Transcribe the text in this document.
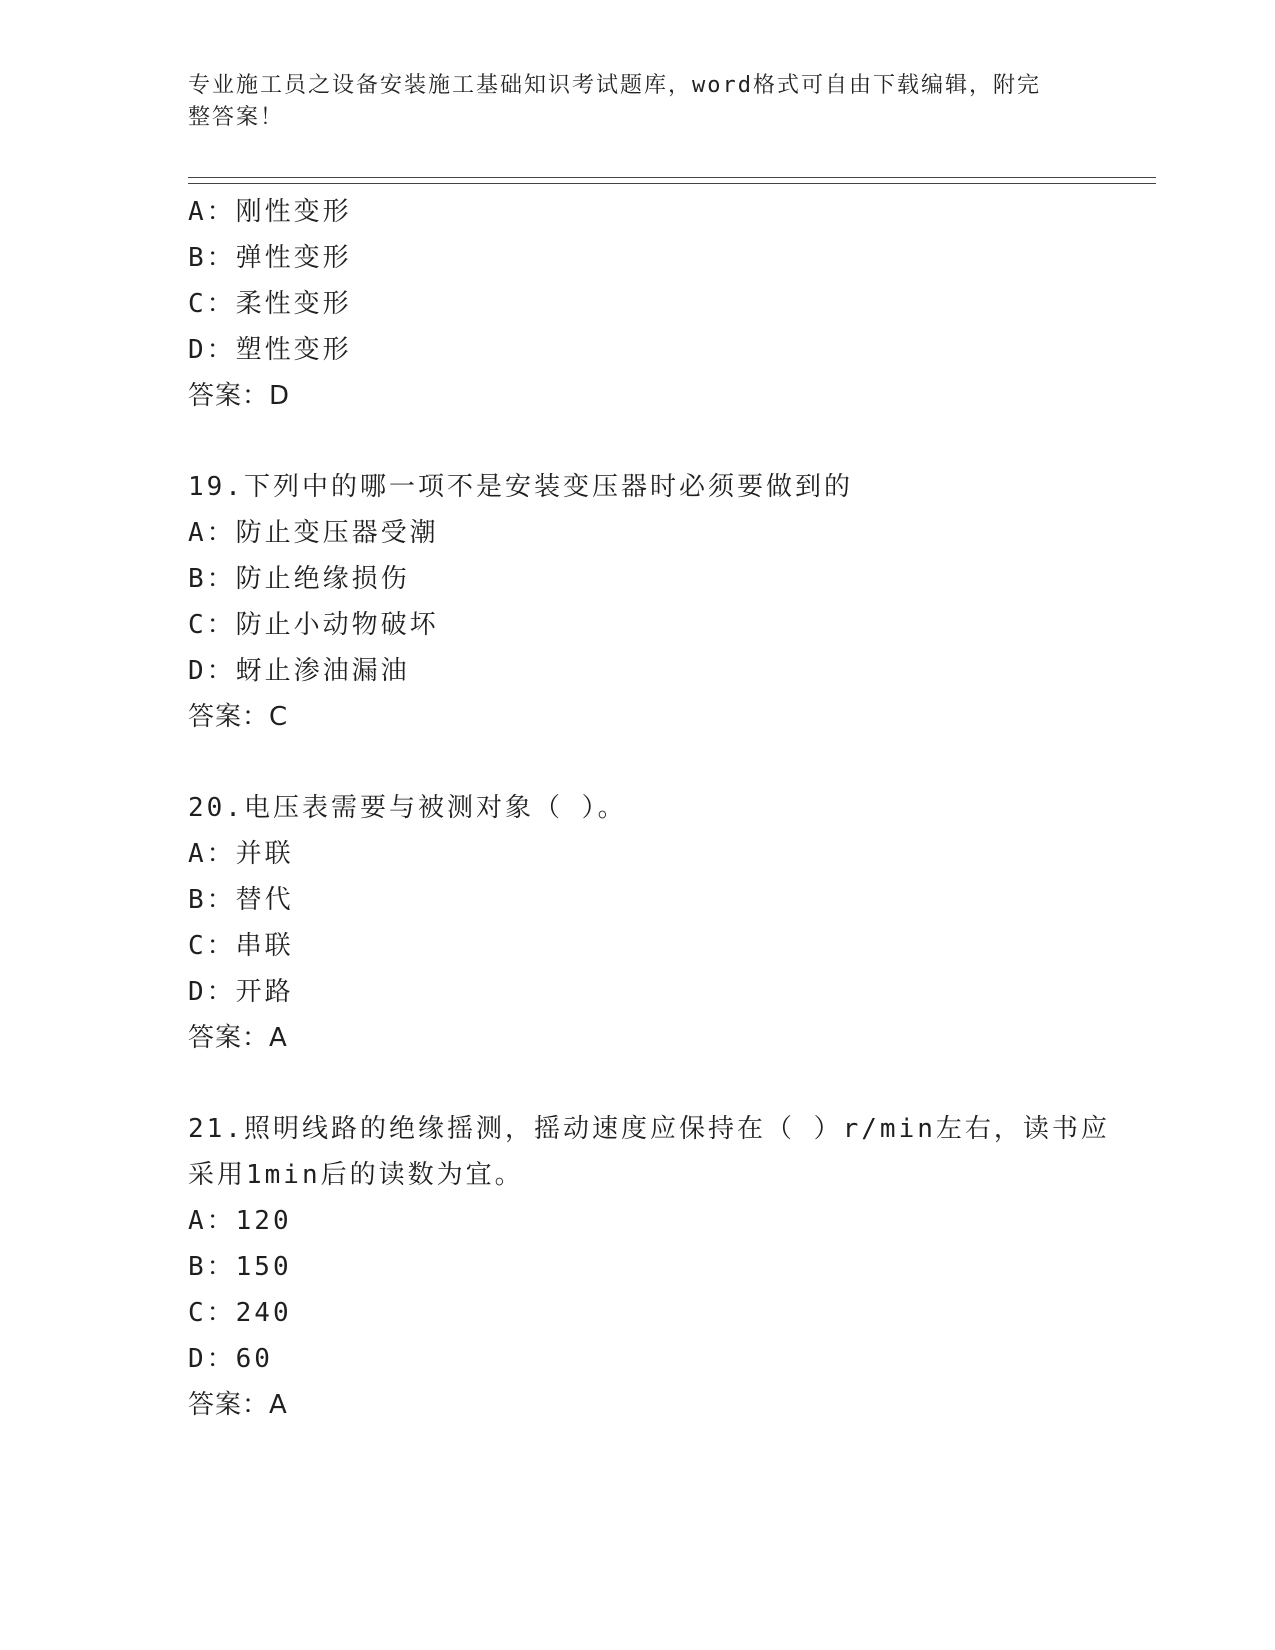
专业施工员之设备安装施工基础知识考试题库，word格式可自由下载编辑，附完
整答案！
A：刚性变形
B：弹性变形
C：柔性变形
D：塑性变形
答案：D
19.下列中的哪一项不是安装变压器时必须要做到的
A：防止变压器受潮
B：防止绝缘损伤
C：防止小动物破坏
D：蚜止渗油漏油
答案：C
20.电压表需要与被测对象（ ）。
A：并联
B：替代
C：串联
D：开路
答案：A
21.照明线路的绝缘摇测，摇动速度应保持在（ ）r/min左右，读书应
采用1min后的读数为宜。
A：120
B：150
C：240
D：60
答案：A
